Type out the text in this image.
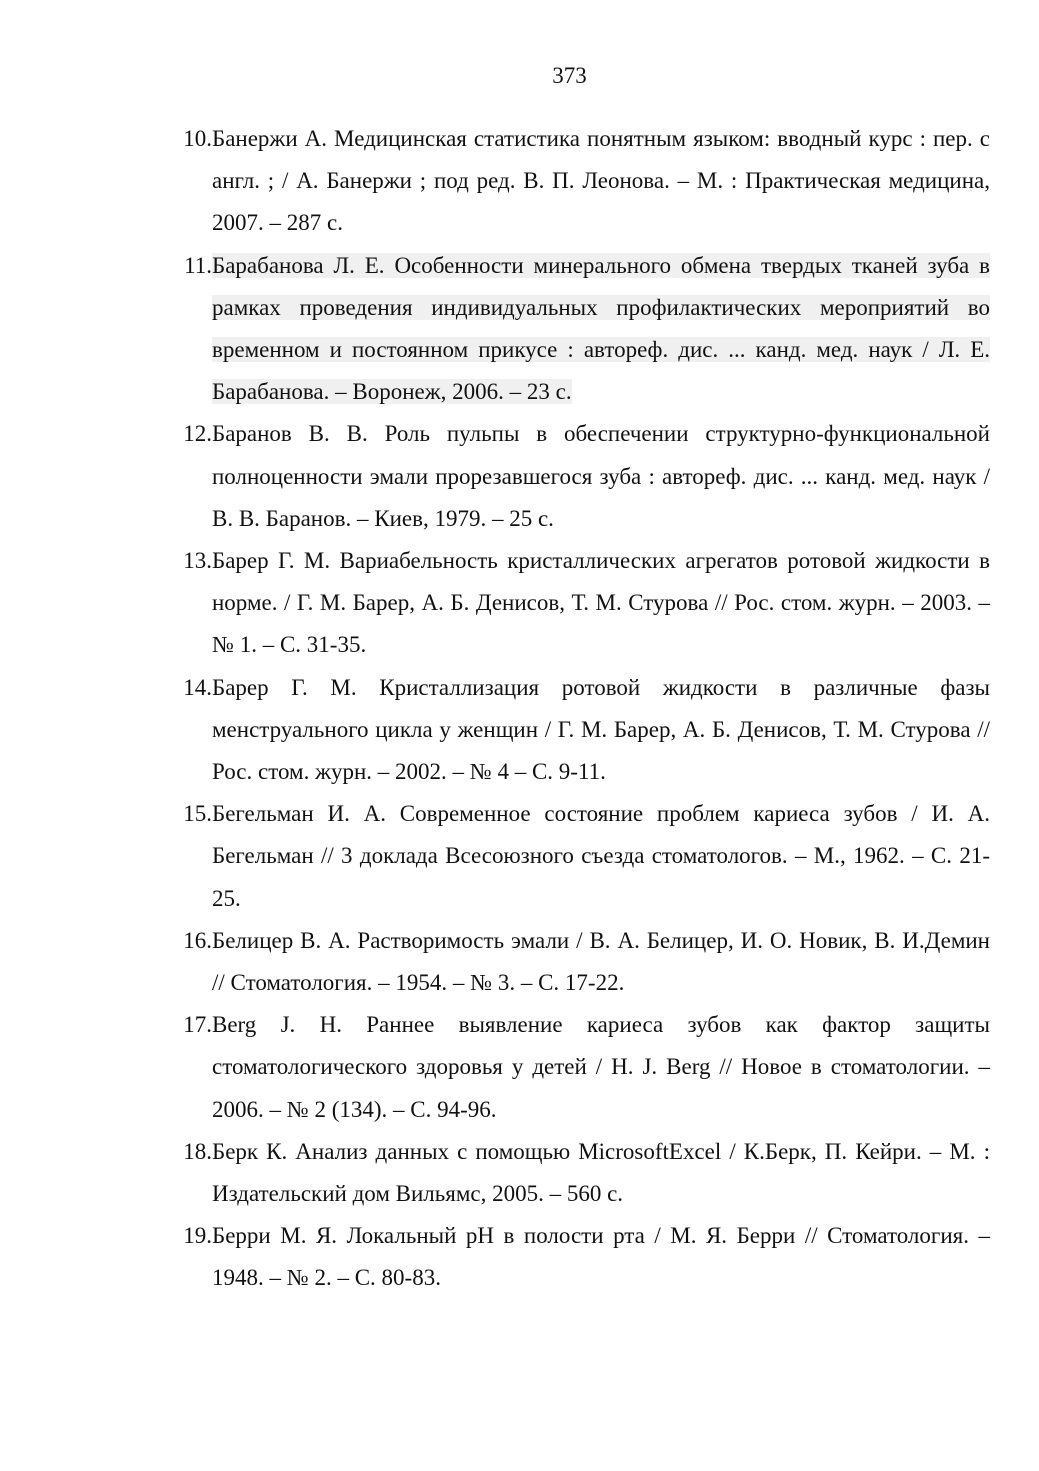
373
10. Банержи А. Медицинская статистика понятным языком: вводный курс : пер. с англ. ; / А. Банержи ; под ред. В. П. Леонова. – М. : Практическая медицина, 2007. – 287 с.
11. Барабанова Л. Е. Особенности минерального обмена твердых тканей зуба в рамках проведения индивидуальных профилактических мероприятий во временном и постоянном прикусе : автореф. дис. ... канд. мед. наук / Л. Е. Барабанова. – Воронеж, 2006. – 23 с.
12. Баранов В. В. Роль пульпы в обеспечении структурно-функциональной полноценности эмали прорезавшегося зуба : автореф. дис. ... канд. мед. наук / В. В. Баранов. – Киев, 1979. – 25 с.
13. Барер Г. М. Вариабельность кристаллических агрегатов ротовой жидкости в норме. / Г. М. Барер, А. Б. Денисов, Т. М. Стурова // Рос. стом. журн. – 2003. – № 1. – С. 31-35.
14. Барер Г. М. Кристаллизация ротовой жидкости в различные фазы менструального цикла у женщин / Г. М. Барер, А. Б. Денисов, Т. М. Стурова // Рос. стом. журн. – 2002. – № 4 – С. 9-11.
15. Бегельман И. А. Современное состояние проблем кариеса зубов / И. А. Бегельман // 3 доклада Всесоюзного съезда стоматологов. – М., 1962. – С. 21-25.
16. Белицер В. А. Растворимость эмали / В. А. Белицер, И. О. Новик, В. И.Демин // Стоматология. – 1954. – № 3. – С. 17-22.
17. Berg J. H. Раннее выявление кариеса зубов как фактор защиты стоматологического здоровья у детей / H. J. Berg // Новое в стоматологии. – 2006. – № 2 (134). – С. 94-96.
18. Берк К. Анализ данных с помощью MicrosoftExcel / К.Берк, П. Кейри. – М. : Издательский дом Вильямс, 2005. – 560 с.
19. Берри М. Я. Локальный рН в полости рта / М. Я. Берри // Стоматология. – 1948. – № 2. – С. 80-83.
